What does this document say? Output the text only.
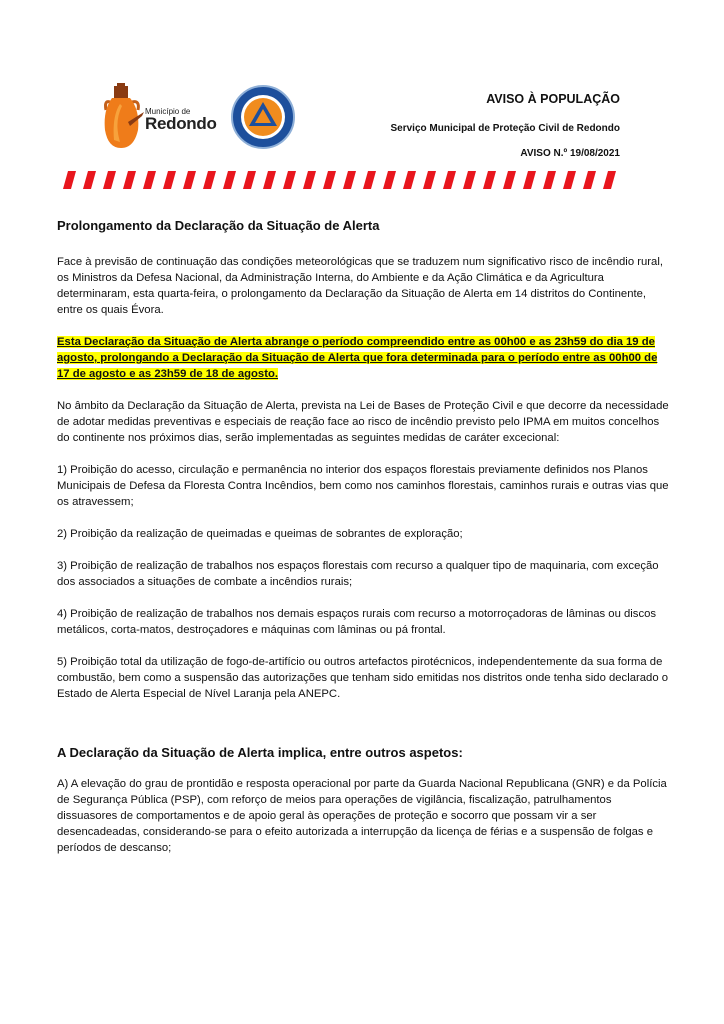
Município de
Redondo
AVISO À POPULAÇÃO
Serviço Municipal de Proteção Civil de Redondo
AVISO N.º 19/08/2021

Prolongamento da Declaração da Situação de Alerta

Face à previsão de continuação das condições meteorológicas que se traduzem num significativo risco de incêndio rural, os Ministros da Defesa Nacional, da Administração Interna, do Ambiente e da Ação Climática e da Agricultura determinaram, esta quarta-feira, o prolongamento da Declaração da Situação de Alerta em 14 distritos do Continente, entre os quais Évora.

Esta Declaração da Situação de Alerta abrange o período compreendido entre as 00h00 e as 23h59 do dia 19 de agosto, prolongando a Declaração da Situação de Alerta que fora determinada para o período entre as 00h00 de 17 de agosto e as 23h59 de 18 de agosto.

No âmbito da Declaração da Situação de Alerta, prevista na Lei de Bases de Proteção Civil e que decorre da necessidade de adotar medidas preventivas e especiais de reação face ao risco de incêndio previsto pelo IPMA em muitos concelhos do continente nos próximos dias, serão implementadas as seguintes medidas de caráter excecional:

1) Proibição do acesso, circulação e permanência no interior dos espaços florestais previamente definidos nos Planos Municipais de Defesa da Floresta Contra Incêndios, bem como nos caminhos florestais, caminhos rurais e outras vias que os atravessem;

2) Proibição da realização de queimadas e queimas de sobrantes de exploração;

3) Proibição de realização de trabalhos nos espaços florestais com recurso a qualquer tipo de maquinaria, com exceção dos associados a situações de combate a incêndios rurais;

4) Proibição de realização de trabalhos nos demais espaços rurais com recurso a motorroçadoras de lâminas ou discos metálicos, corta-matos, destroçadores e máquinas com lâminas ou pá frontal.

5) Proibição total da utilização de fogo-de-artifício ou outros artefactos pirotécnicos, independentemente da sua forma de combustão, bem como a suspensão das autorizações que tenham sido emitidas nos distritos onde tenha sido declarado o Estado de Alerta Especial de Nível Laranja pela ANEPC.

A Declaração da Situação de Alerta implica, entre outros aspetos:

A) A elevação do grau de prontidão e resposta operacional por parte da Guarda Nacional Republicana (GNR) e da Polícia de Segurança Pública (PSP), com reforço de meios para operações de vigilância, fiscalização, patrulhamentos dissuasores de comportamentos e de apoio geral às operações de proteção e socorro que possam vir a ser desencadeadas, considerando-se para o efeito autorizada a interrupção da licença de férias e a suspensão de folgas e períodos de descanso;
